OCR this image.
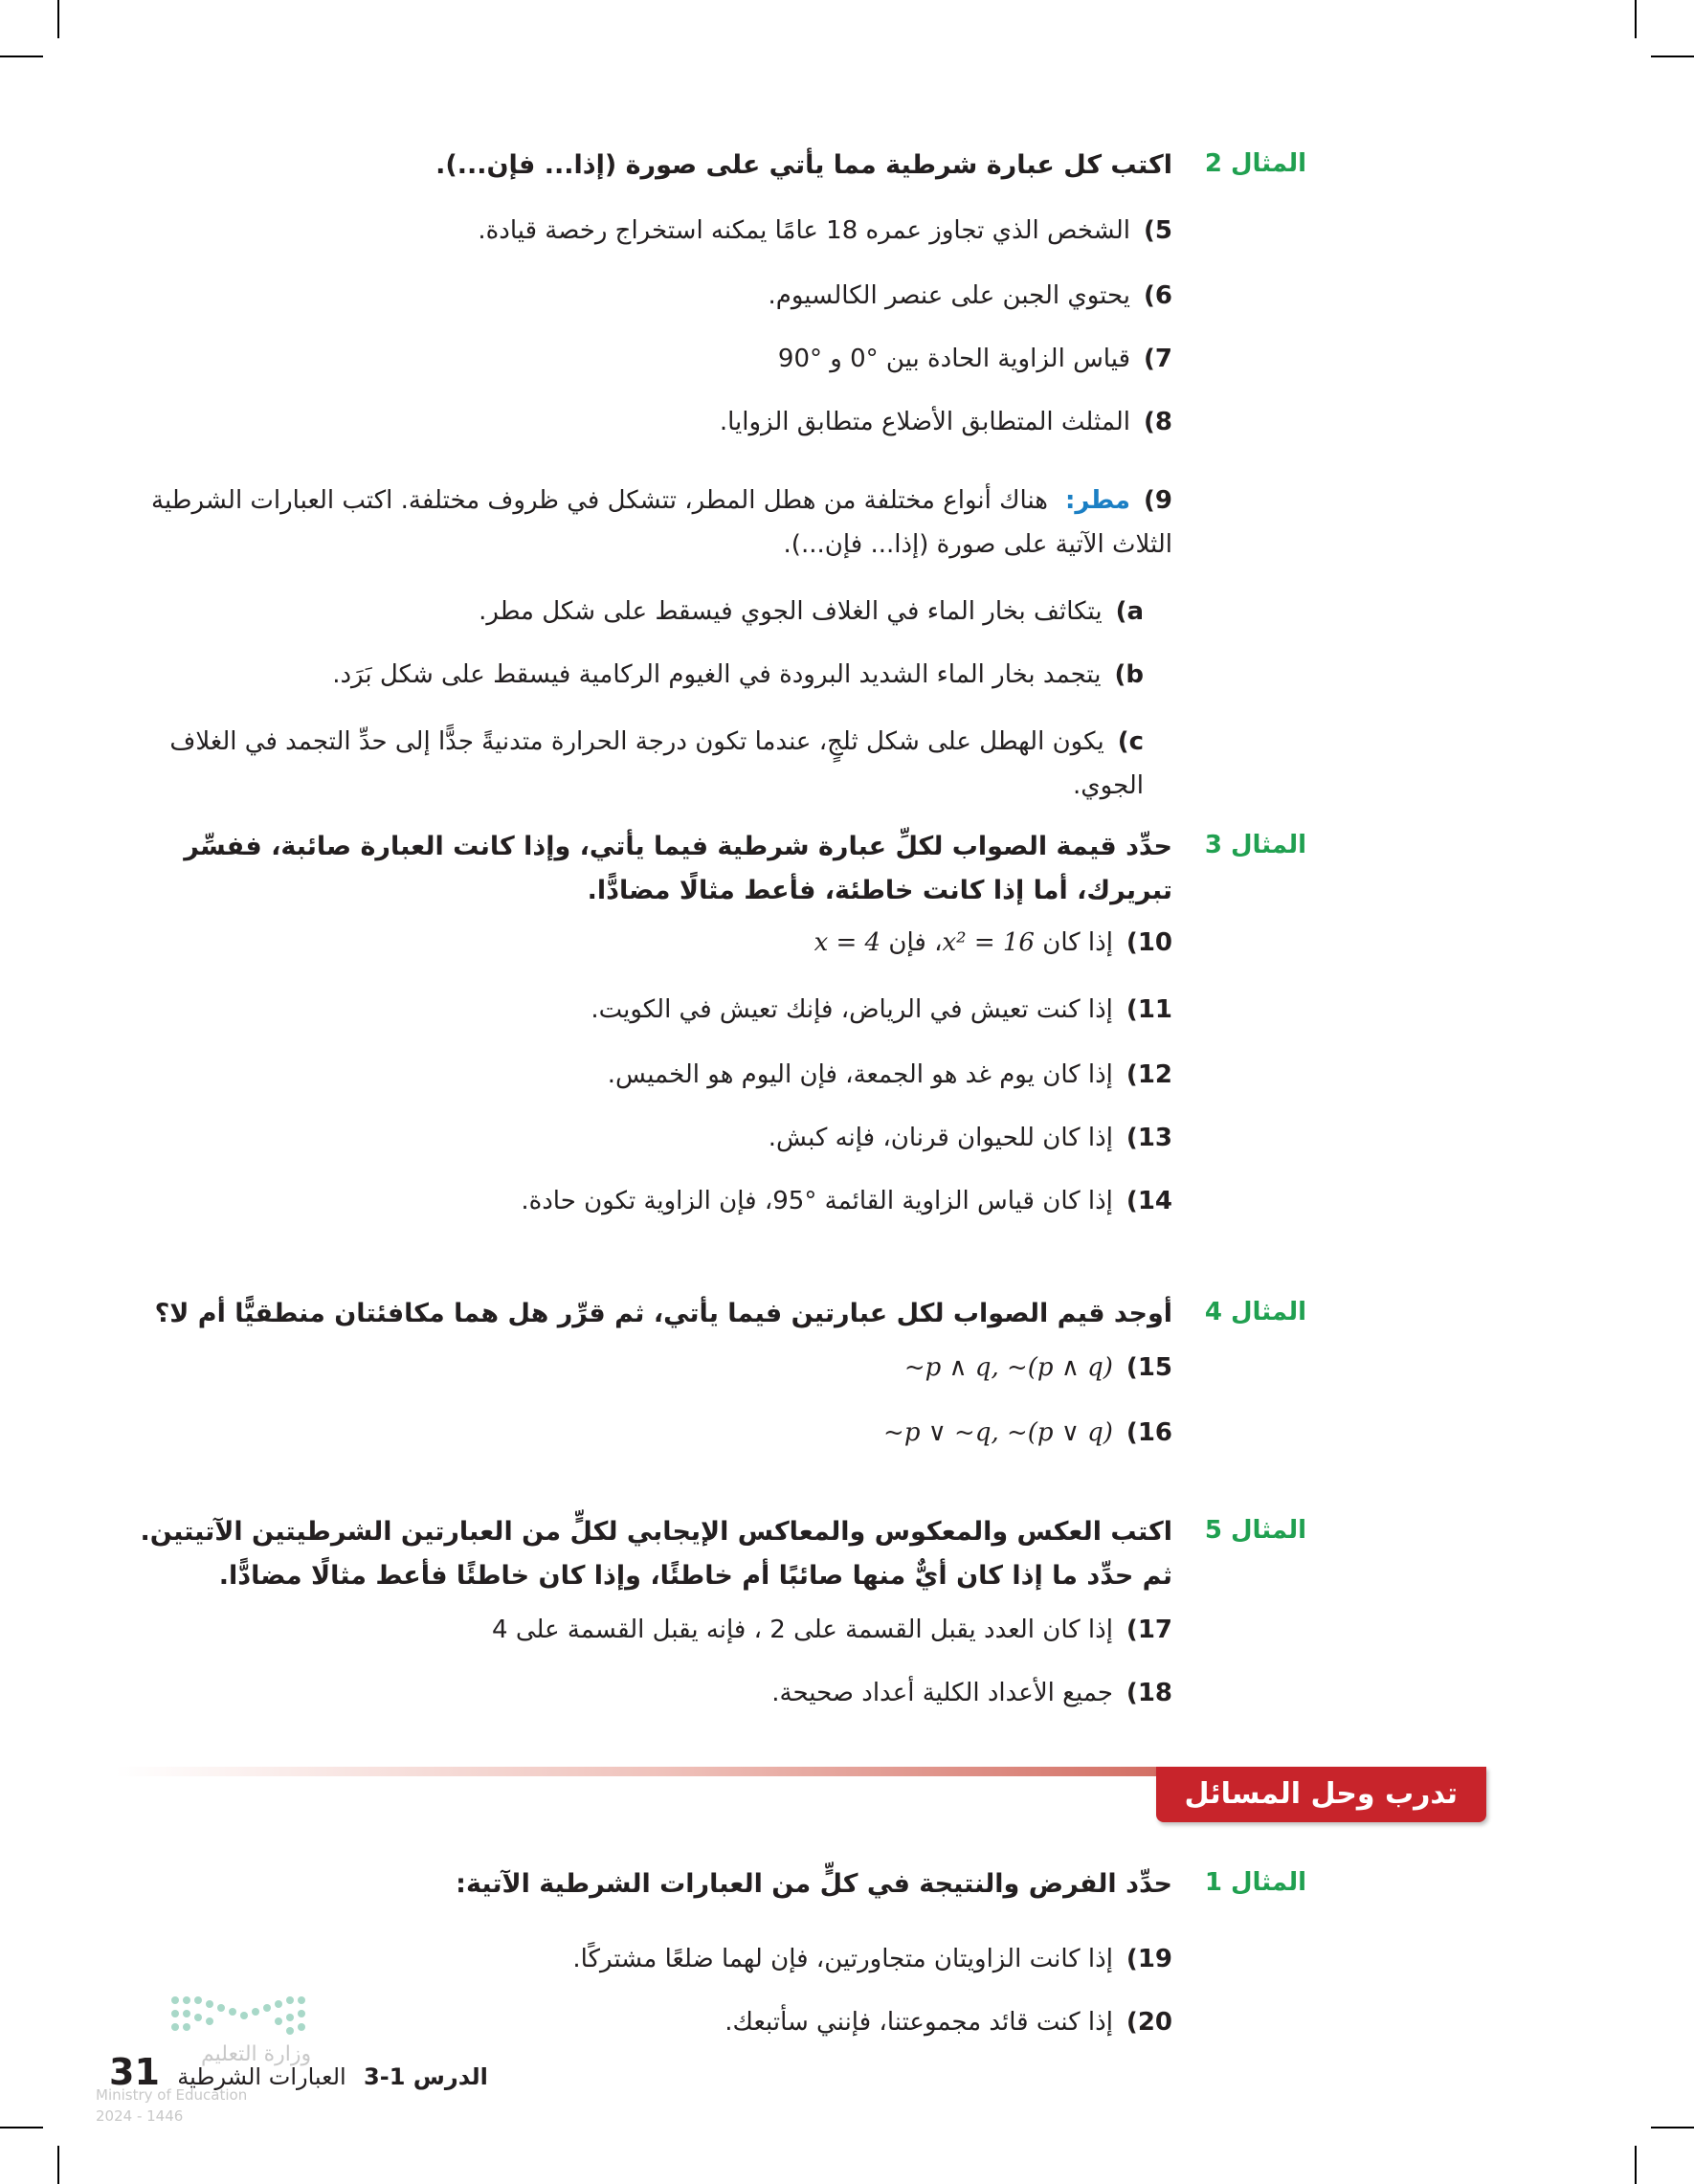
المثال 2
اكتب كل عبارة شرطية مما يأتي على صورة (إذا... فإن...).
5)الشخص الذي تجاوز عمره 18 عامًا يمكنه استخراج رخصة قيادة.
6)يحتوي الجبن على عنصر الكالسيوم.
7)قياس الزاوية الحادة بين °0 و °90
8)المثلث المتطابق الأضلاع متطابق الزوايا.
9)مطر:هناك أنواع مختلفة من هطل المطر، تتشكل في ظروف مختلفة. اكتب العبارات الشرطية الثلاث الآتية على صورة (إذا... فإن...).
a)يتكاثف بخار الماء في الغلاف الجوي فيسقط على شكل مطر.
b)يتجمد بخار الماء الشديد البرودة في الغيوم الركامية فيسقط على شكل بَرَد.
c)يكون الهطل على شكل ثلجٍ، عندما تكون درجة الحرارة متدنيةً جدًّا إلى حدِّ التجمد في الغلاف الجوي.
المثال 3
حدِّد قيمة الصواب لكلِّ عبارة شرطية فيما يأتي، وإذا كانت العبارة صائبة، ففسِّر تبريرك، أما إذا كانت خاطئة، فأعط مثالًا مضادًّا.
10)إذا كان x² = 16، فإن x = 4
11)إذا كنت تعيش في الرياض، فإنك تعيش في الكويت.
12)إذا كان يوم غد هو الجمعة، فإن اليوم هو الخميس.
13)إذا كان للحيوان قرنان، فإنه كبش.
14)إذا كان قياس الزاوية القائمة °95، فإن الزاوية تكون حادة.
المثال 4
أوجد قيم الصواب لكل عبارتين فيما يأتي، ثم قرِّر هل هما مكافئتان منطقيًّا أم لا؟
15)~p ∧ q, ~(p ∧ q)
16)~p ∨ ~q, ~(p ∨ q)
المثال 5
اكتب العكس والمعكوس والمعاكس الإيجابي لكلٍّ من العبارتين الشرطيتين الآتيتين. ثم حدِّد ما إذا كان أيٌّ منها صائبًا أم خاطئًا، وإذا كان خاطئًا فأعط مثالًا مضادًّا.
17)إذا كان العدد يقبل القسمة على 2 ، فإنه يقبل القسمة على 4
18)جميع الأعداد الكلية أعداد صحيحة.
تدرب وحل المسائل
المثال 1
حدِّد الفرض والنتيجة في كلٍّ من العبارات الشرطية الآتية:
19)إذا كانت الزاويتان متجاورتين، فإن لهما ضلعًا مشتركًا.
20)إذا كنت قائد مجموعتنا، فإنني سأتبعك.
وزارة التعليم
Ministry of Education
2024 - 1446
الدرس 1-3 العبارات الشرطية 31
